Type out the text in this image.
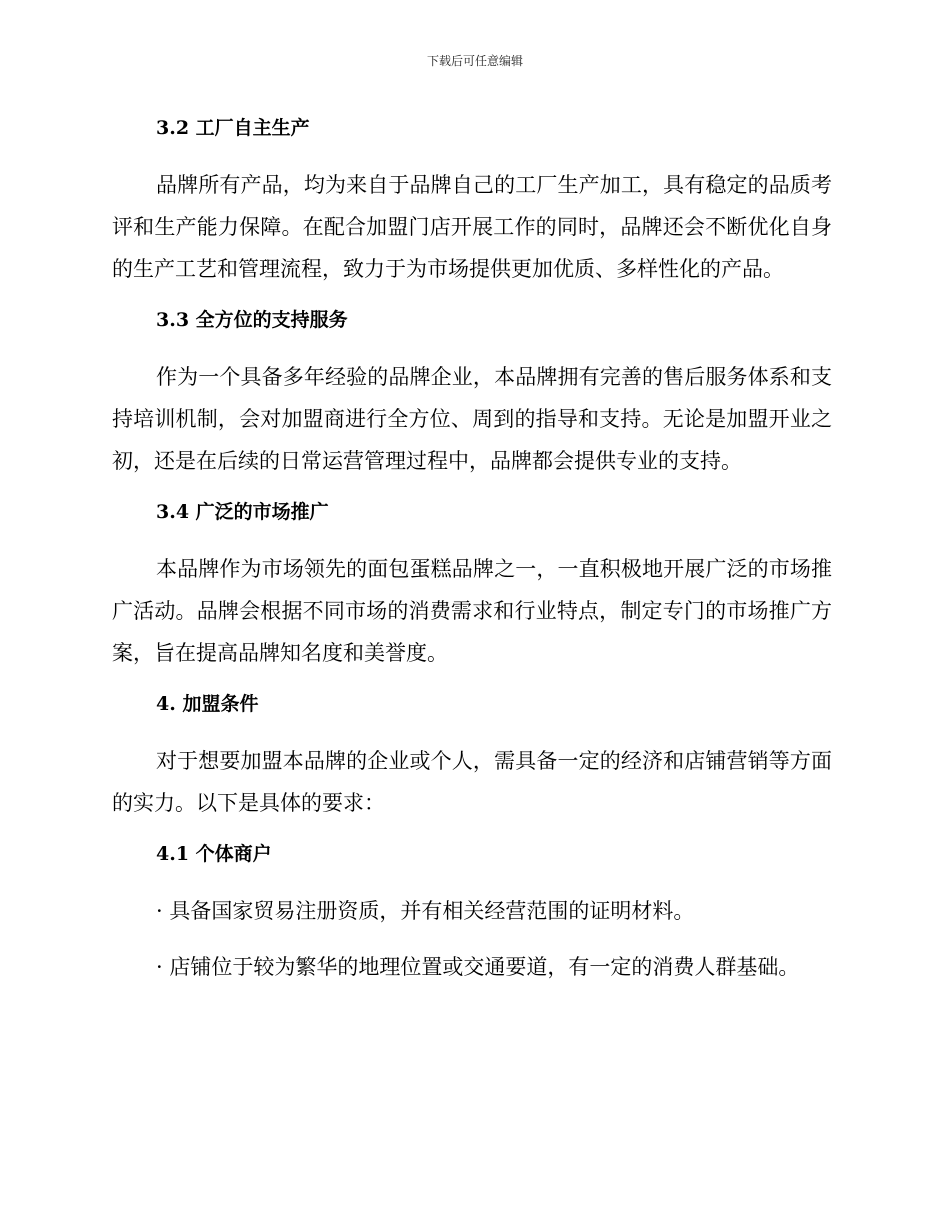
下载后可任意编辑
3.2 工厂自主生产

品牌所有产品，均为来自于品牌自己的工厂生产加工，具有稳定的品质考评和生产能力保障。在配合加盟门店开展工作的同时，品牌还会不断优化自身的生产工艺和管理流程，致力于为市场提供更加优质、多样性化的产品。

3.3 全方位的支持服务

作为一个具备多年经验的品牌企业，本品牌拥有完善的售后服务体系和支持培训机制，会对加盟商进行全方位、周到的指导和支持。无论是加盟开业之初，还是在后续的日常运营管理过程中，品牌都会提供专业的支持。

3.4 广泛的市场推广

本品牌作为市场领先的面包蛋糕品牌之一，一直积极地开展广泛的市场推广活动。品牌会根据不同市场的消费需求和行业特点，制定专门的市场推广方案，旨在提高品牌知名度和美誉度。

4. 加盟条件

对于想要加盟本品牌的企业或个人，需具备一定的经济和店铺营销等方面的实力。以下是具体的要求：

4.1 个体商户
· 具备国家贸易注册资质，并有相关经营范围的证明材料。
· 店铺位于较为繁华的地理位置或交通要道，有一定的消费人群基础。
